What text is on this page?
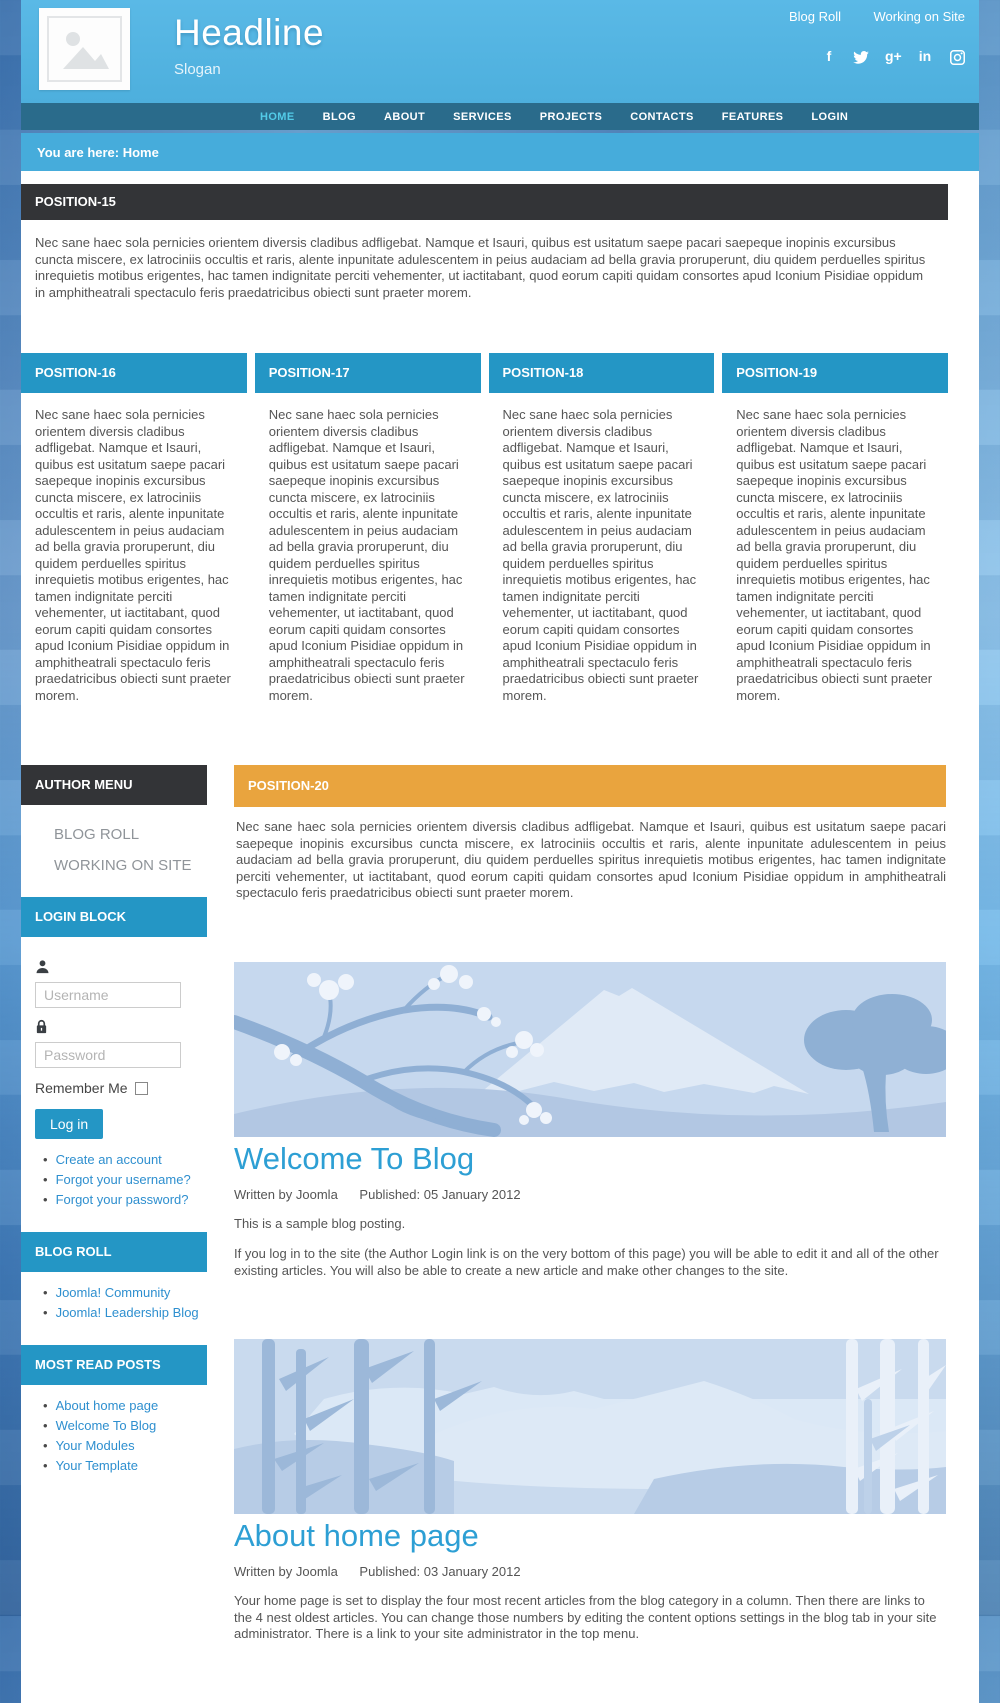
Headline
Slogan
Blog Roll Working on Site
f	g+ in
HOME	BLOG	ABOUT	SERVICES	PROJECTS	CONTACTS	FEATURES	LOGIN
You are here: Home
POSITION-15

Nec sane haec sola pernicies orientem diversis cladibus adfligebat. Namque et Isauri, quibus est usitatum saepe pacari saepeque inopinis excursibus cuncta miscere, ex latrociniis occultis et raris, alente inpunitate adulescentem in peius audaciam ad bella gravia proruperunt, diu quidem perduelles spiritus inrequietis motibus erigentes, hac tamen indignitate perciti vehementer, ut iactitabant, quod eorum capiti quidam consortes apud Iconium Pisidiae oppidum in amphitheatrali spectaculo feris praedatricibus obiecti sunt praeter morem.

POSITION-16

Nec sane haec sola pernicies orientem diversis cladibus adfligebat. Namque et Isauri, quibus est usitatum saepe pacari saepeque inopinis excursibus cuncta miscere, ex latrociniis occultis et raris, alente inpunitate adulescentem in peius audaciam ad bella gravia proruperunt, diu quidem perduelles spiritus inrequietis motibus erigentes, hac tamen indignitate perciti vehementer, ut iactitabant, quod eorum capiti quidam consortes apud Iconium Pisidiae oppidum in amphitheatrali spectaculo feris praedatricibus obiecti sunt praeter morem.

POSITION-17

Nec sane haec sola pernicies orientem diversis cladibus adfligebat. Namque et Isauri, quibus est usitatum saepe pacari saepeque inopinis excursibus cuncta miscere, ex latrociniis occultis et raris, alente inpunitate adulescentem in peius audaciam ad bella gravia proruperunt, diu quidem perduelles spiritus inrequietis motibus erigentes, hac tamen indignitate perciti vehementer, ut iactitabant, quod eorum capiti quidam consortes apud Iconium Pisidiae oppidum in amphitheatrali spectaculo feris praedatricibus obiecti sunt praeter morem.

POSITION-18

Nec sane haec sola pernicies orientem diversis cladibus adfligebat. Namque et Isauri, quibus est usitatum saepe pacari saepeque inopinis excursibus cuncta miscere, ex latrociniis occultis et raris, alente inpunitate adulescentem in peius audaciam ad bella gravia proruperunt, diu quidem perduelles spiritus inrequietis motibus erigentes, hac tamen indignitate perciti vehementer, ut iactitabant, quod eorum capiti quidam consortes apud Iconium Pisidiae oppidum in amphitheatrali spectaculo feris praedatricibus obiecti sunt praeter morem.

POSITION-19

Nec sane haec sola pernicies orientem diversis cladibus adfligebat. Namque et Isauri, quibus est usitatum saepe pacari saepeque inopinis excursibus cuncta miscere, ex latrociniis occultis et raris, alente inpunitate adulescentem in peius audaciam ad bella gravia proruperunt, diu quidem perduelles spiritus inrequietis motibus erigentes, hac tamen indignitate perciti vehementer, ut iactitabant, quod eorum capiti quidam consortes apud Iconium Pisidiae oppidum in amphitheatrali spectaculo feris praedatricibus obiecti sunt praeter morem.

AUTHOR MENU
BLOG ROLL
WORKING ON SITE
LOGIN BLOCK
Username
Remember Me
Log in
• Create an account
• Forgot your username?
• Forgot your password?
BLOG ROLL
• Joomla! Community
• Joomla! Leadership Blog
MOST READ POSTS
• About home page
• Welcome To Blog
• Your Modules
• Your Template
POSITION-20

Nec sane haec sola pernicies orientem diversis cladibus adfligebat. Namque et Isauri, quibus est usitatum saepe pacari saepeque inopinis excursibus cuncta miscere, ex latrociniis occultis et raris, alente inpunitate adulescentem in peius audaciam ad bella gravia proruperunt, diu quidem perduelles spiritus inrequietis motibus erigentes, hac tamen indignitate perciti vehementer, ut iactitabant, quod eorum capiti quidam consortes apud Iconium Pisidiae oppidum in amphitheatrali spectaculo feris praedatricibus obiecti sunt praeter morem.

Welcome To Blog
Written by Joomla Published: 05 January 2012

This is a sample blog posting.

If you log in to the site (the Author Login link is on the very bottom of this page) you will be able to edit it and all of the other existing articles. You will also be able to create a new article and make other changes to the site.

About home page
Written by Joomla Published: 03 January 2012

Your home page is set to display the four most recent articles from the blog category in a column. Then there are links to the 4 nest oldest articles. You can change those numbers by editing the content options settings in the blog tab in your site administrator. There is a link to your site administrator in the top menu.
